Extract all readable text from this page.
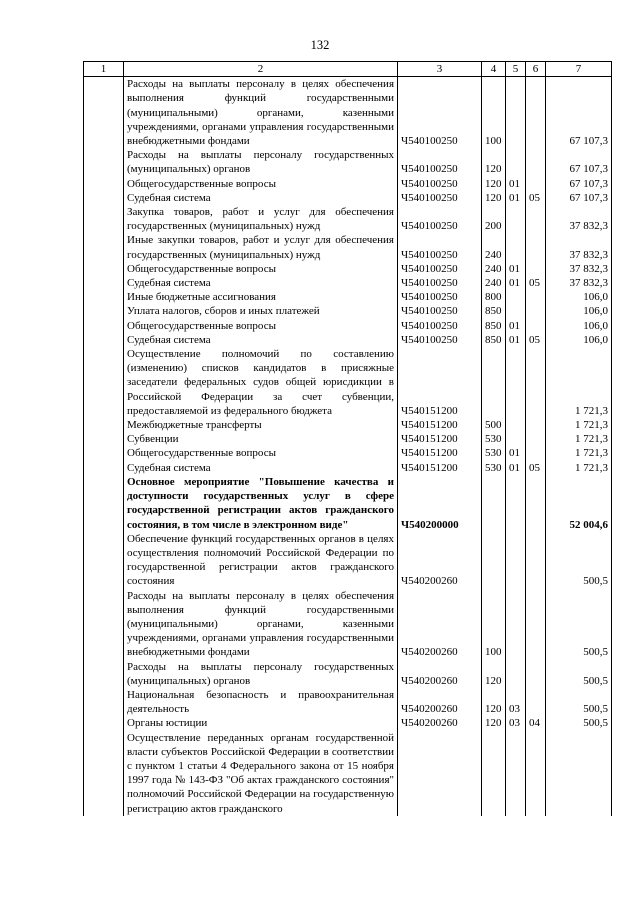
132
1	2	3	4	5	6	7
	Расходы на выплаты персоналу в целях обеспечения выполнения функций государственными (муниципальными) органами, казенными учреждениями, органами управления государственными внебюджетными фондами	Ч540100250	100			67 107,3
	Расходы на выплаты персоналу государственных (муниципальных) органов	Ч540100250	120			67 107,3
	Общегосударственные вопросы	Ч540100250	120	01		67 107,3
	Судебная система	Ч540100250	120	01	05	67 107,3
	Закупка товаров, работ и услуг для обеспечения государственных (муниципальных) нужд	Ч540100250	200			37 832,3
	Иные закупки товаров, работ и услуг для обеспечения государственных (муниципальных) нужд	Ч540100250	240			37 832,3
	Общегосударственные вопросы	Ч540100250	240	01		37 832,3
	Судебная система	Ч540100250	240	01	05	37 832,3
	Иные бюджетные ассигнования	Ч540100250	800			106,0
	Уплата налогов, сборов и иных платежей	Ч540100250	850			106,0
	Общегосударственные вопросы	Ч540100250	850	01		106,0
	Судебная система	Ч540100250	850	01	05	106,0
	Осуществление полномочий по составлению (изменению) списков кандидатов в присяжные заседатели федеральных судов общей юрисдикции в Российской Федерации за счет субвенции, предоставляемой из федерального бюджета	Ч540151200				1 721,3
	Межбюджетные трансферты	Ч540151200	500			1 721,3
	Субвенции	Ч540151200	530			1 721,3
	Общегосударственные вопросы	Ч540151200	530	01		1 721,3
	Судебная система	Ч540151200	530	01	05	1 721,3
	Основное мероприятие "Повышение качества и доступности государственных услуг в сфере государственной регистрации актов гражданского состояния, в том числе в электронном виде"	Ч540200000				52 004,6
	Обеспечение функций государственных органов в целях осуществления полномочий Российской Федерации по государственной регистрации актов гражданского состояния	Ч540200260				500,5
	Расходы на выплаты персоналу в целях обеспечения выполнения функций государственными (муниципальными) органами, казенными учреждениями, органами управления государственными внебюджетными фондами	Ч540200260	100			500,5
	Расходы на выплаты персоналу государственных (муниципальных) органов	Ч540200260	120			500,5
	Национальная безопасность и правоохранительная деятельность	Ч540200260	120	03		500,5
	Органы юстиции	Ч540200260	120	03	04	500,5
	Осуществление переданных органам государственной власти субъектов Российской Федерации в соответствии с пунктом 1 статьи 4 Федерального закона от 15 ноября 1997 года № 143-ФЗ "Об актах гражданского состояния" полномочий Российской Федерации на государственную регистрацию актов гражданского					
